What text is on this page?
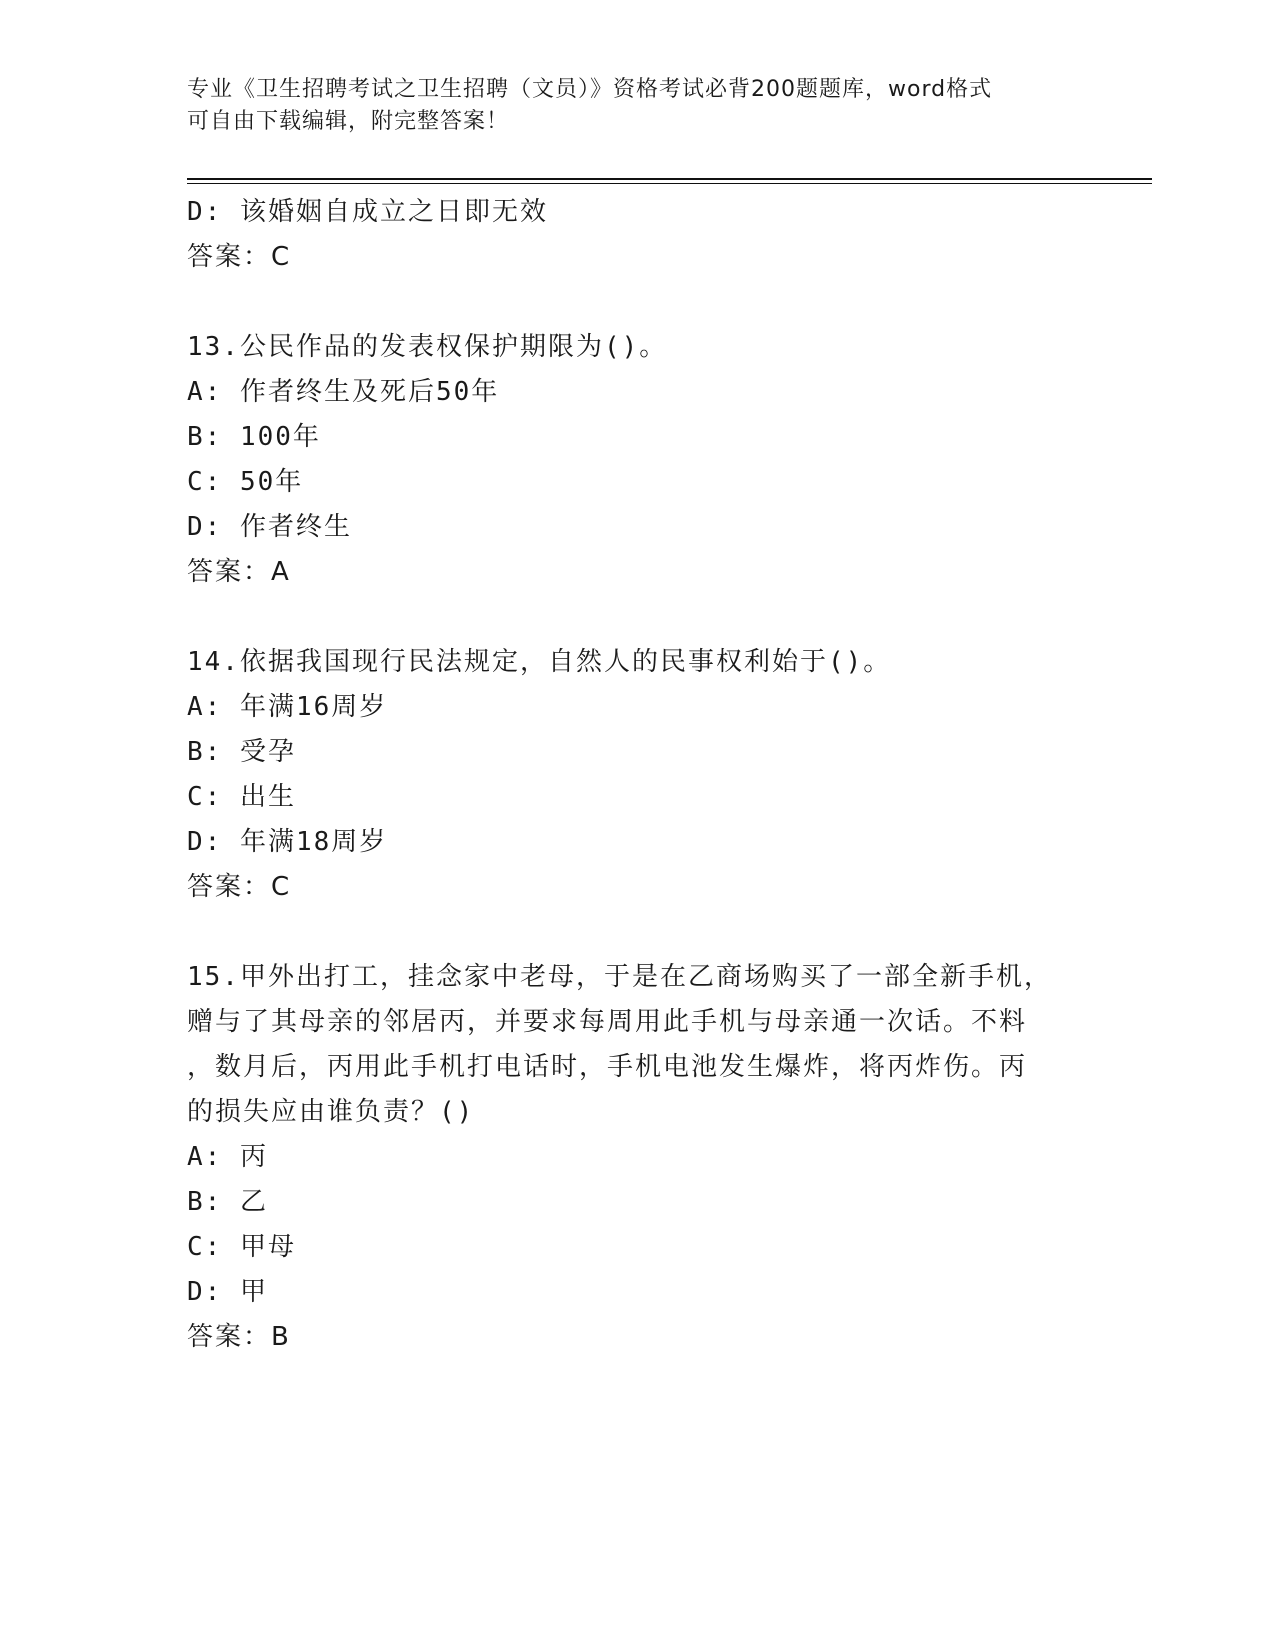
专业《卫生招聘考试之卫生招聘（文员）》资格考试必背200题题库，word格式
可自由下载编辑，附完整答案！
D: 该婚姻自成立之日即无效
答案：C
13.公民作品的发表权保护期限为()。
A: 作者终生及死后50年
B: 100年
C: 50年
D: 作者终生
答案：A
14.依据我国现行民法规定，自然人的民事权利始于()。
A: 年满16周岁
B: 受孕
C: 出生
D: 年满18周岁
答案：C
15.甲外出打工，挂念家中老母，于是在乙商场购买了一部全新手机，
赠与了其母亲的邻居丙，并要求每周用此手机与母亲通一次话。不料
，数月后，丙用此手机打电话时，手机电池发生爆炸，将丙炸伤。丙
的损失应由谁负责？()
A: 丙
B: 乙
C: 甲母
D: 甲
答案：B
